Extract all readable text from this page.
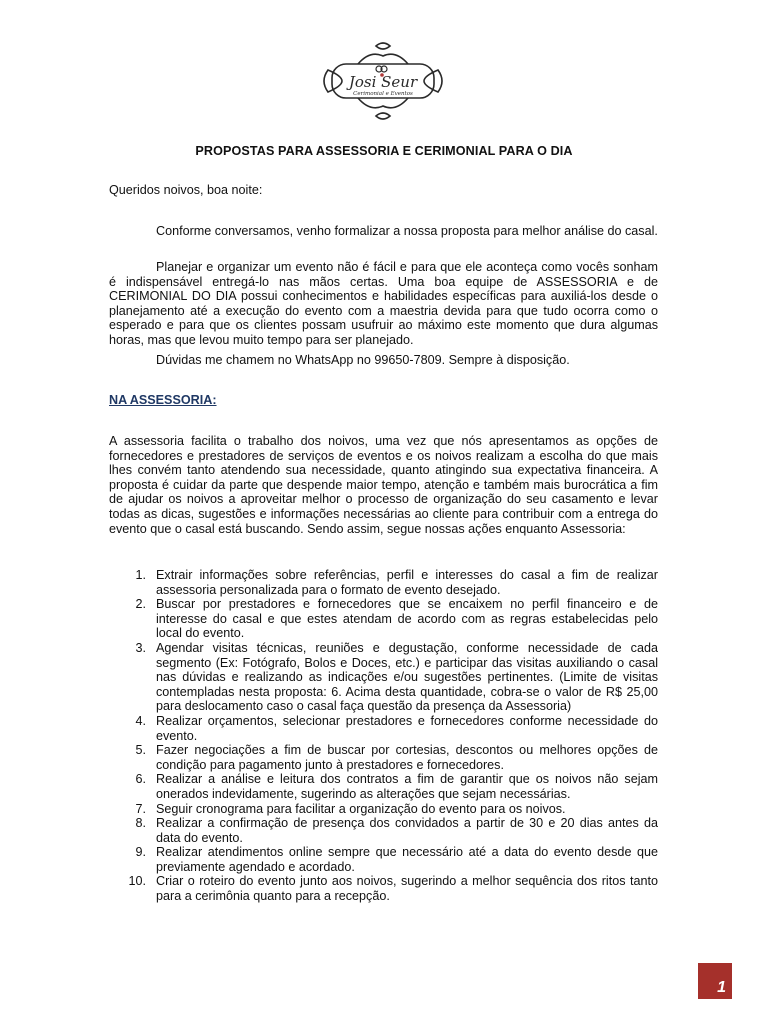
Josi Seur
Cerimonial e Eventos
PROPOSTAS PARA ASSESSORIA E CERIMONIAL PARA O DIA

Queridos noivos, boa noite:

Conforme conversamos, venho formalizar a nossa proposta para melhor análise do casal.

Planejar e organizar um evento não é fácil e para que ele aconteça como vocês sonham é indispensável entregá-lo nas mãos certas. Uma boa equipe de ASSESSORIA e de CERIMONIAL DO DIA possui conhecimentos e habilidades específicas para auxiliá-los desde o planejamento até a execução do evento com a maestria devida para que tudo ocorra como o esperado e para que os clientes possam usufruir ao máximo este momento que dura algumas horas, mas que levou muito tempo para ser planejado.

Dúvidas me chamem no WhatsApp no 99650-7809. Sempre à disposição.

NA ASSESSORIA:

A assessoria facilita o trabalho dos noivos, uma vez que nós apresentamos as opções de fornecedores e prestadores de serviços de eventos e os noivos realizam a escolha do que mais lhes convém tanto atendendo sua necessidade, quanto atingindo sua expectativa financeira. A proposta é cuidar da parte que despende maior tempo, atenção e também mais burocrática a fim de ajudar os noivos a aproveitar melhor o processo de organização do seu casamento e levar todas as dicas, sugestões e informações necessárias ao cliente para contribuir com a entrega do evento que o casal está buscando. Sendo assim, segue nossas ações enquanto Assessoria:

1. Extrair informações sobre referências, perfil e interesses do casal a fim de realizar assessoria personalizada para o formato de evento desejado.
2. Buscar por prestadores e fornecedores que se encaixem no perfil financeiro e de interesse do casal e que estes atendam de acordo com as regras estabelecidas pelo local do evento.
3. Agendar visitas técnicas, reuniões e degustação, conforme necessidade de cada segmento (Ex: Fotógrafo, Bolos e Doces, etc.) e participar das visitas auxiliando o casal nas dúvidas e realizando as indicações e/ou sugestões pertinentes. (Limite de visitas contempladas nesta proposta: 6. Acima desta quantidade, cobra-se o valor de R$ 25,00 para deslocamento caso o casal faça questão da presença da Assessoria)
4. Realizar orçamentos, selecionar prestadores e fornecedores conforme necessidade do evento.
5. Fazer negociações a fim de buscar por cortesias, descontos ou melhores opções de condição para pagamento junto à prestadores e fornecedores.
6. Realizar a análise e leitura dos contratos a fim de garantir que os noivos não sejam onerados indevidamente, sugerindo as alterações que sejam necessárias.
7. Seguir cronograma para facilitar a organização do evento para os noivos.
8. Realizar a confirmação de presença dos convidados a partir de 30 e 20 dias antes da data do evento.
9. Realizar atendimentos online sempre que necessário até a data do evento desde que previamente agendado e acordado.
10. Criar o roteiro do evento junto aos noivos, sugerindo a melhor sequência dos ritos tanto para a cerimônia quanto para a recepção.
1
